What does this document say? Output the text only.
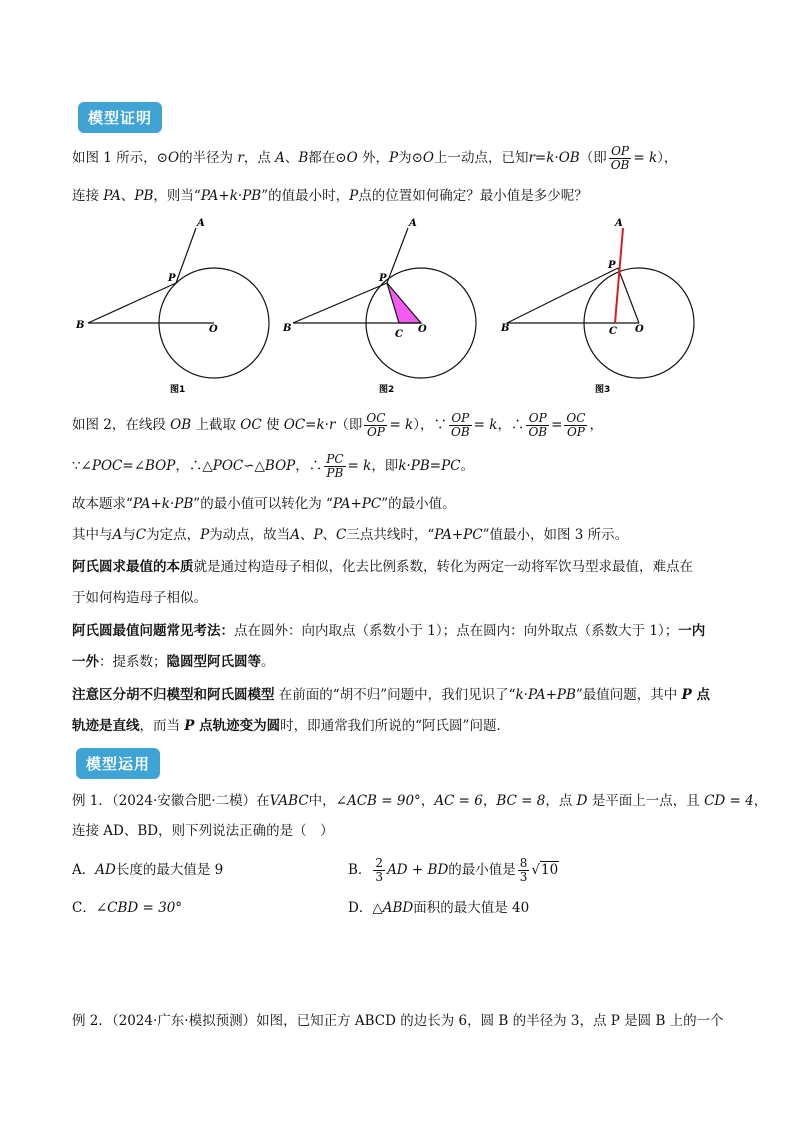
模型证明
如图 1 所示，⊙O的半径为 r，点 A、B都在⊙O 外，P为⊙O上一动点，已知r=k·OB（即 $\frac{OP}{OB} = k$），
连接 PA、PB，则当“PA+k·PB”的值最小时，P点的位置如何确定？最小值是多少呢？
A
B
P
O
图1
A
B
P
C O
图2
A
B
P
C O
图3
如图 2，在线段 OB 上截取 OC 使 OC=k·r（即 $\frac{OC}{OP} = k$），∵ $\frac{OP}{OB} = k$，∴ $\frac{OP}{OB} = \frac{OC}{OP}$ ，
∵∠POC=∠BOP，∴△POC∽△BOP，∴ $\frac{PC}{PB} = k$，即k·PB=PC。
故本题求“PA+k·PB”的最小值可以转化为 “PA+PC”的最小值。
其中与A与C为定点，P为动点，故当A、P、C三点共线时，“PA+PC”值最小，如图 3 所示。
阿氏圆求最值的本质就是通过构造母子相似，化去比例系数，转化为两定一动将军饮马型求最值，难点在
于如何构造母子相似。
阿氏圆最值问题常见考法：点在圆外：向内取点（系数小于 1）；点在圆内：向外取点（系数大于 1）；一内
一外：提系数；隐圆型阿氏圆等。
注意区分胡不归模型和阿氏圆模型 在前面的“胡不归”问题中，我们见识了“k·PA+PB”最值问题，其中 P 点
轨迹是直线，而当 P 点轨迹变为圆时，即通常我们所说的“阿氏圆”问题．
模型运用
例 1．（2024·安徽合肥·二模）在VABC中，∠ACB = 90°，AC = 6，BC = 8，点 D 是平面上一点，且 CD = 4，
连接 AD、BD，则下列说法正确的是（　）
A．AD长度的最大值是 9	B． $\frac{2}{3}$ AD + BD的最小值是 $\frac{8}{3} √10$
C．∠CBD = 30°	D．△ABD面积的最大值是 40
例 2．（2024·广东·模拟预测）如图，已知正方 ABCD 的边长为 6，圆 B 的半径为 3，点 P 是圆 B 上的一个
